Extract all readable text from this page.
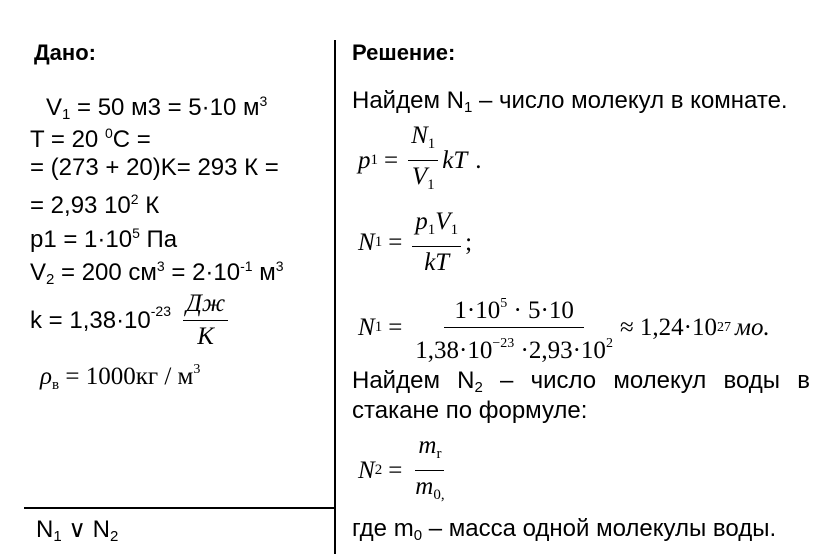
Дано:
$V_1 = 50$ м3 = 5·10 $м^3$
T = 20 $^0$C =
= (273 + 20)K= 293 К =
= 2,93 $10^2$ К
$p1 = 1\cdot 10^5$ Па
$V_2 = 200$ $см^3 = 2\cdot 10^{-1}$ $м^3$
$k = 1,38\cdot 10^{-23} \frac{Дж}{К}$
$\rho_в = 1000кг / м^3$
$N_1$ ∨ $N_2$
Решение:
Найдем $N_1$ – число молекул в комнате.
p $1 = \frac{N_1}{V_1}$ kT .
N $1 = \frac{p_1V_1}{kT}$ ;
N $1 = \frac{1\cdot 10^5 \cdot 5\cdot 10}{1,38\cdot 10^{-23} \cdot 2,93\cdot 10^2} \approx 1,24\cdot 10$ 27 мо.
Найдем $N_2$ – число молекул воды в
стакане по формуле:
N $2 = \frac{m_r}{m_{0,}}$
где $m_0$ – масса одной молекулы воды.
